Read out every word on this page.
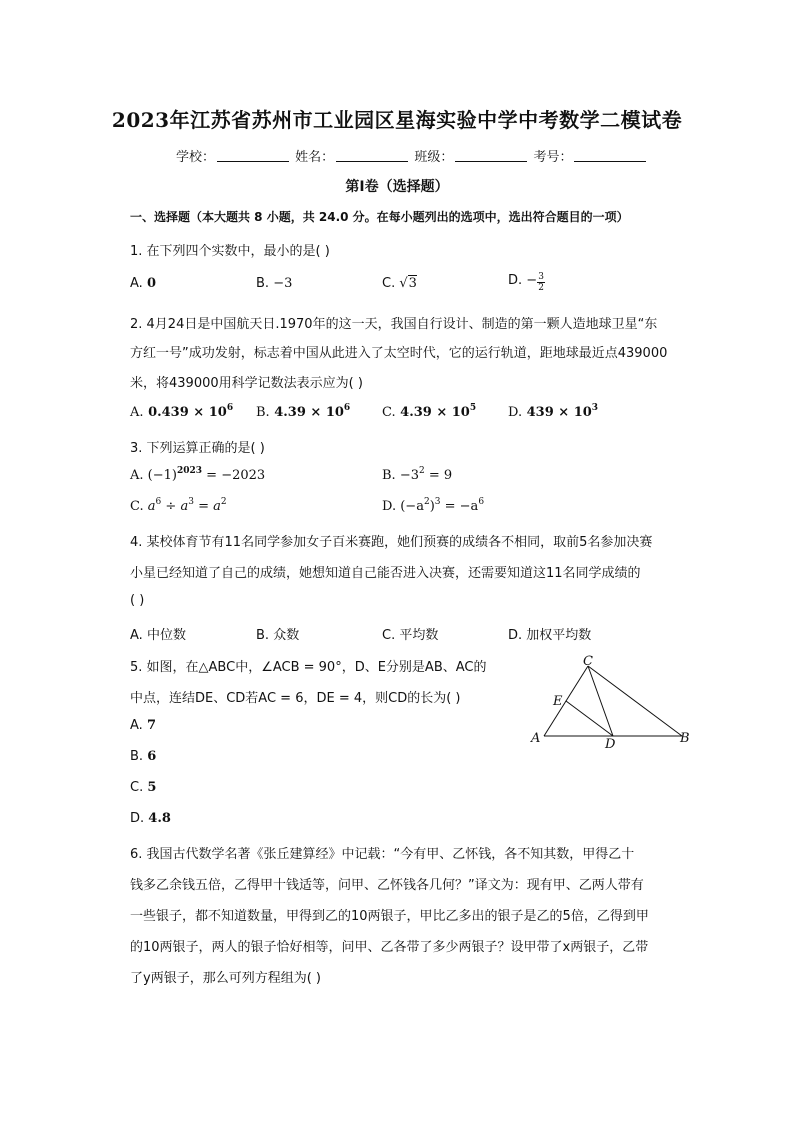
2023年江苏省苏州市工业园区星海实验中学中考数学二模试卷
学校：	姓名：	班级：	考号：
第Ⅰ卷（选择题）
一、选择题（本大题共 8 小题，共 24.0 分。在每小题列出的选项中，选出符合题目的一项）
1. 在下列四个实数中，最小的是( )
A. 0	B. −3	C. √3	D. − $\frac{3}{2}$
2. 4月24日是中国航天日.1970年的这一天，我国自行设计、制造的第一颗人造地球卫星“东
方红一号”成功发射，标志着中国从此进入了太空时代，它的运行轨道，距地球最近点439000
米，将439000用科学记数法表示应为( )
A. $0.439 \times 10^6$ B. $4.39 \times 10^6$ C. $4.39 \times 10^5$ D. $439 \times 10^3$
3. 下列运算正确的是( )
A. $(-1)^{2023} = -2023$	B. $-3^2 = 9$
C. $a^6 \div a^3 = a^2$	D. $(-a^2)^3 = -a^6$
4. 某校体育节有11名同学参加女子百米赛跑，她们预赛的成绩各不相同，取前5名参加决赛
小星已经知道了自己的成绩，她想知道自己能否进入决赛，还需要知道这11名同学成绩的
( )
A. 中位数	B. 众数	C. 平均数	D. 加权平均数
5. 如图，在△ABC中，∠ACB = 90°，D、E分别是AB、AC的
中点，连结DE、CD若AC = 6，DE = 4，则CD的长为( )
A. 7
B. 6
C. 5
D. 4.8
C
E
A	D	B
6. 我国古代数学名著《张丘建算经》中记载：“今有甲、乙怀钱，各不知其数，甲得乙十
钱多乙余钱五倍，乙得甲十钱适等，问甲、乙怀钱各几何？”译文为：现有甲、乙两人带有
一些银子，都不知道数量，甲得到乙的10两银子，甲比乙多出的银子是乙的5倍，乙得到甲
的10两银子，两人的银子恰好相等，问甲、乙各带了多少两银子？设甲带了x两银子，乙带
了y两银子，那么可列方程组为( )
